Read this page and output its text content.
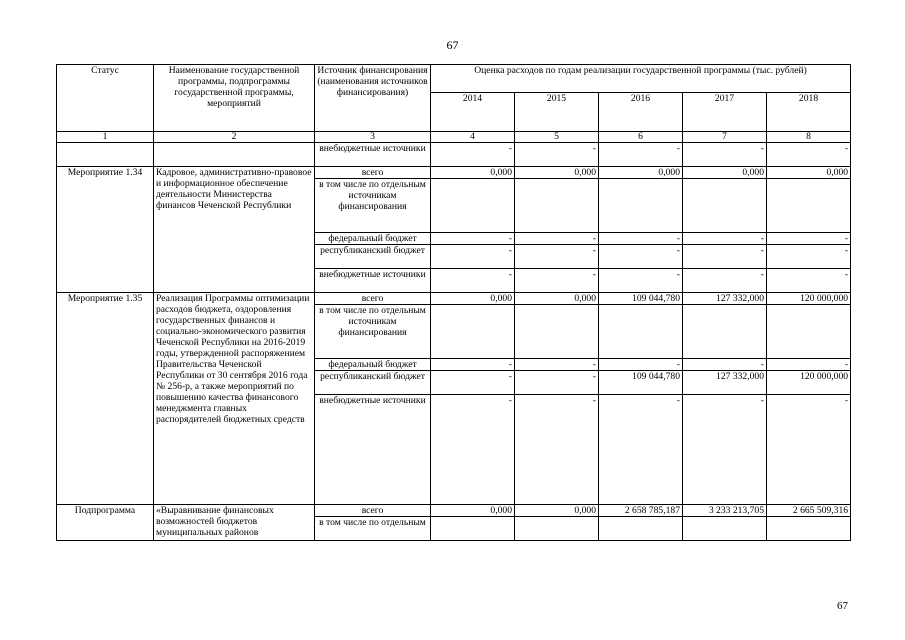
67
Статус	Наименование государственной программы, подпрограммы государственной программы, мероприятий	Источник финансирования (наименования источников финансирования)	Оценка расходов по годам реализации государственной программы (тыс. рублей)				
			2014	2015	2016	2017	2018
1	2	3	4	5	6	7	8
		внебюджетные источники	-	-	-	-	-
Мероприятие 1.34	Кадровое, административно-правовое и информационное обеспечение деятельности Министерства финансов Чеченской Республики	всего	0,000	0,000	0,000	0,000	0,000
		в том числе по отдельным источникам финансирования					
		федеральный бюджет	-	-	-	-	-
		республиканский бюджет	-	-	-	-	-
		внебюджетные источники	-	-	-	-	-
Мероприятие 1.35	Реализация Программы оптимизации расходов бюджета, оздоровления государственных финансов и социально-экономического развития Чеченской Республики на 2016-2019 годы, утвержденной распоряжением Правительства Чеченской Республики от 30 сентября 2016 года № 256-р, а также мероприятий по повышению качества финансового менеджмента главных распорядителей бюджетных средств	всего	0,000	0,000	109 044,780	127 332,000	120 000,000
		в том числе по отдельным источникам финансирования					
		федеральный бюджет	-	-	-	-	-
		республиканский бюджет	-	-	109 044,780	127 332,000	120 000,000
		внебюджетные источники	-	-	-	-	-
Подпрограмма	«Выравнивание финансовых возможностей бюджетов муниципальных районов	всего	0,000	0,000	2 658 785,187	3 233 213,705	2 665 509,316
		в том числе по отдельным					
67
